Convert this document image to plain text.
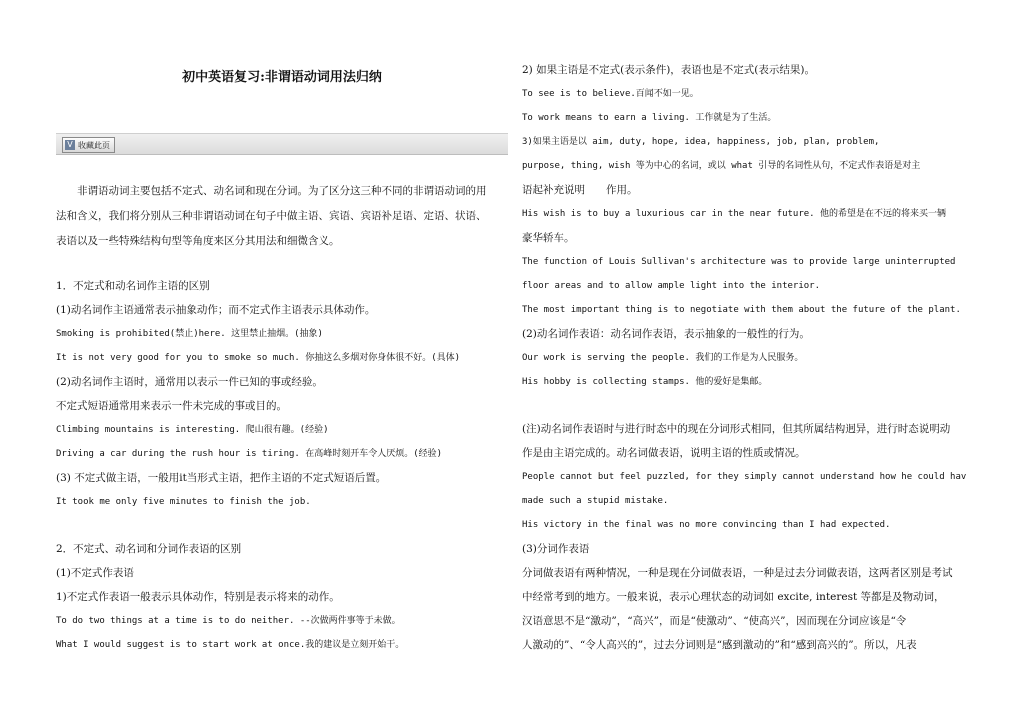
初中英语复习:非谓语动词用法归纳
V 收藏此页
　　非谓语动词主要包括不定式、动名词和现在分词。为了区分这三种不同的非谓语动词的用
法和含义，我们将分别从三种非谓语动词在句子中做主语、宾语、宾语补足语、定语、状语、
表语以及一些特殊结构句型等角度来区分其用法和细微含义。
1．不定式和动名词作主语的区别
(1)动名词作主语通常表示抽象动作；而不定式作主语表示具体动作。
Smoking is prohibited(禁止)here. 这里禁止抽烟。(抽象)
It is not very good for you to smoke so much. 你抽这么多烟对你身体很不好。(具体)
(2)动名词作主语时，通常用以表示一件已知的事或经验。
不定式短语通常用来表示一件未完成的事或目的。
Climbing mountains is interesting. 爬山很有趣。(经验)
Driving a car during the rush hour is tiring. 在高峰时刻开车令人厌烦。(经验)
(3) 不定式做主语，一般用it当形式主语，把作主语的不定式短语后置。
It took me only five minutes to finish the job.
2．不定式、动名词和分词作表语的区别
(1)不定式作表语
1)不定式作表语一般表示具体动作，特别是表示将来的动作。
To do two things at a time is to do neither. --次做两件事等于未做。
What I would suggest is to start work at once.我的建议是立刻开始干。
2) 如果主语是不定式(表示条件)，表语也是不定式(表示结果)。
To see is to believe.百闻不如一见。
To work means to earn a living. 工作就是为了生活。
3)如果主语是以 aim, duty, hope, idea, happiness, job, plan, problem,
purpose, thing, wish 等为中心的名词，或以 what 引导的名词性从句，不定式作表语是对主
语起补充说明　　作用。
His wish is to buy a luxurious car in the near future. 他的希望是在不远的将来买一辆
豪华轿车。
The function of Louis Sullivan's architecture was to provide large uninterrupted
floor areas and to allow ample light into the interior.
The most important thing is to negotiate with them about the future of the plant.
(2)动名词作表语：动名词作表语，表示抽象的一般性的行为。
Our work is serving the people. 我们的工作是为人民服务。
His hobby is collecting stamps. 他的爱好是集邮。
(注)动名词作表语时与进行时态中的现在分词形式相同，但其所属结构迥异，进行时态说明动
作是由主语完成的。动名词做表语，说明主语的性质或情况。
People cannot but feel puzzled, for they simply cannot understand how he could hav
made such a stupid mistake.
His victory in the final was no more convincing than I had expected.
(3)分词作表语
分词做表语有两种情况，一种是现在分词做表语，一种是过去分词做表语，这两者区别是考试
中经常考到的地方。一般来说，表示心理状态的动词如 excite, interest 等都是及物动词，
汉语意思不是“激动”，“高兴”，而是“使激动”、“使高兴”，因而现在分词应该是“令
人激动的”、“令人高兴的”，过去分词则是“感到激动的”和“感到高兴的”。所以，凡表
